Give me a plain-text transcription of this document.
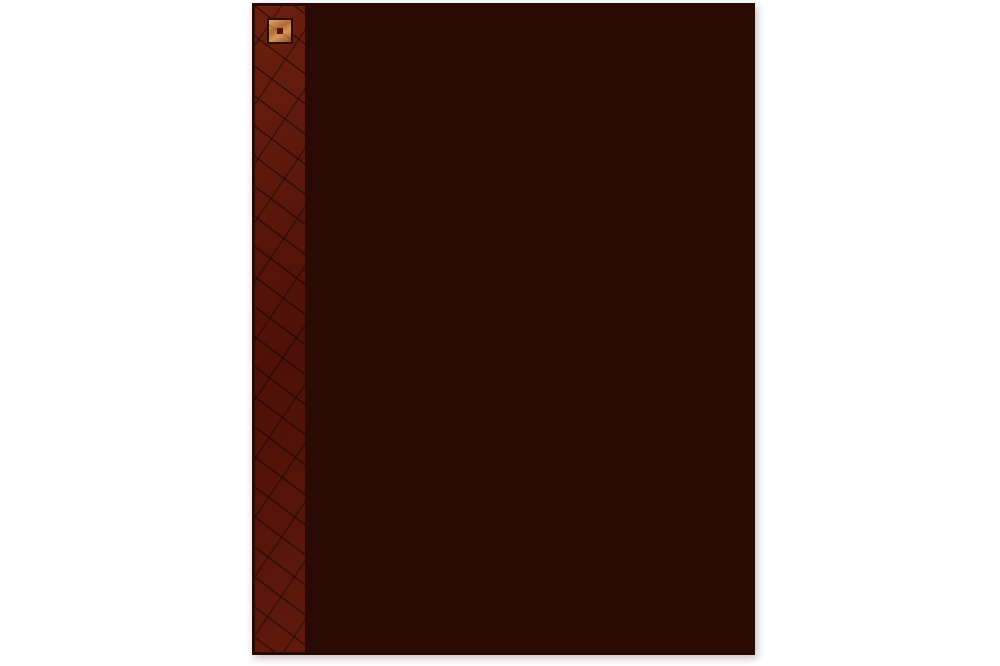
MA
河南远大新型板材有限公司
4101840088387
河南远大新型板材有限公司
河南建院建筑材料检测有限公司
